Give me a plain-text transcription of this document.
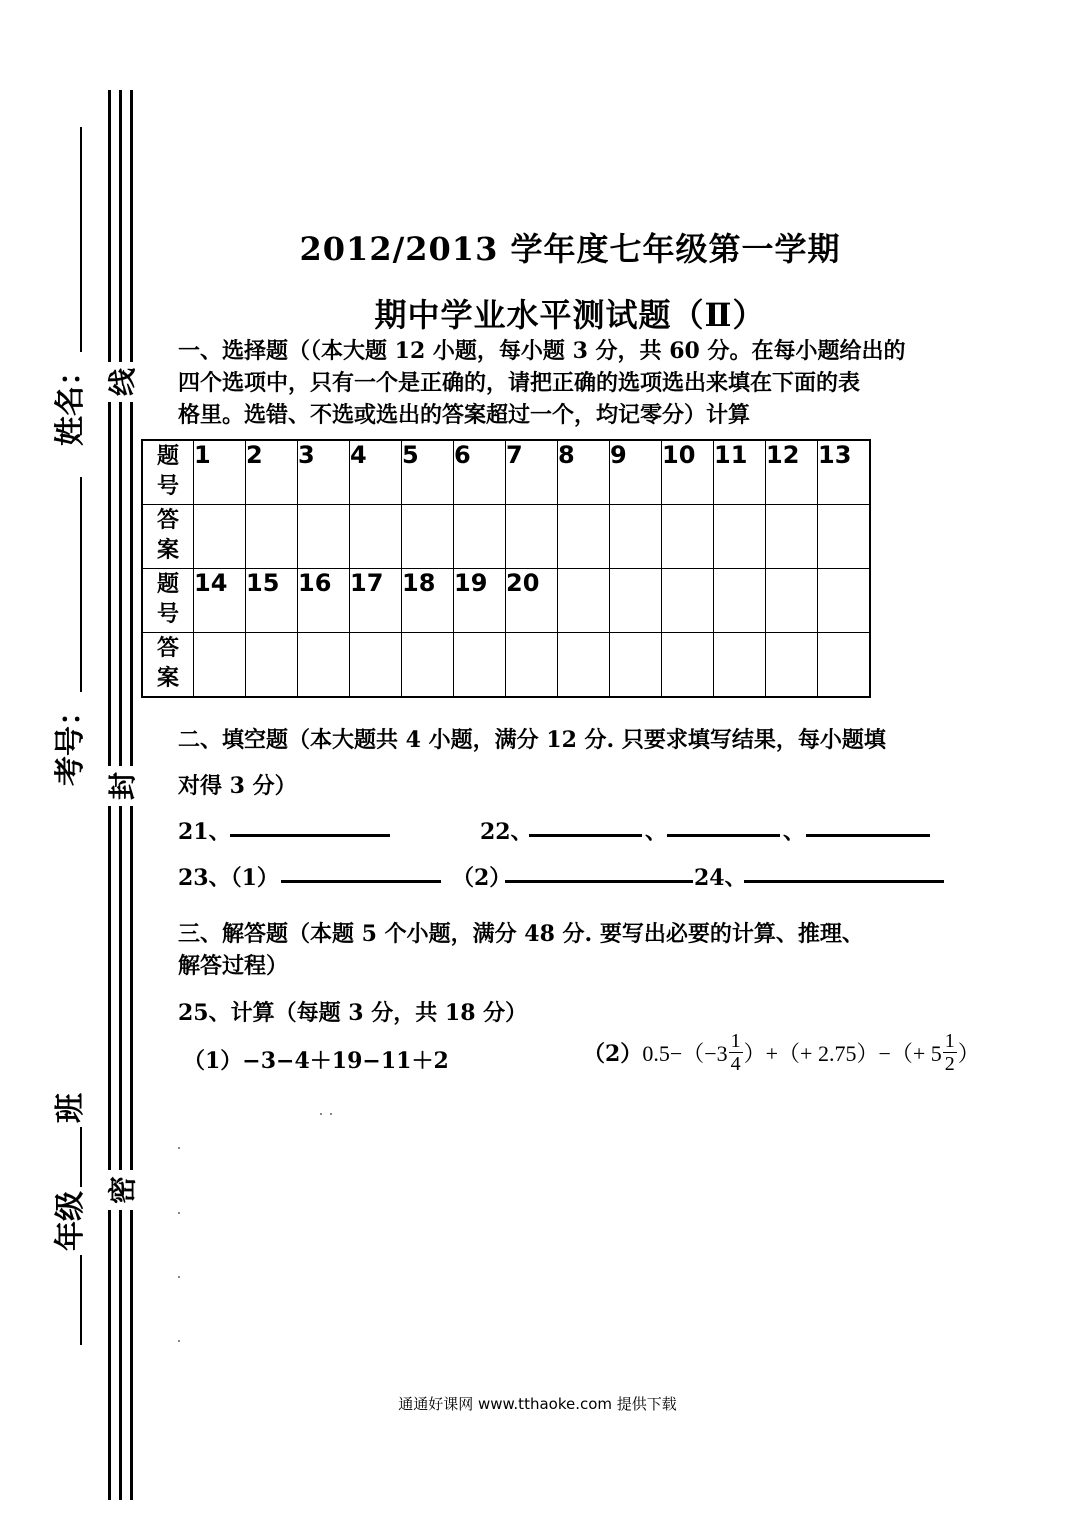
线
封
密
姓名：
考号：
年级
班
2012/2013 学年度七年级第一学期
期中学业水平测试题（Ⅱ）
一、选择题（（本大题 12 小题，每小题 3 分，共 60 分。在每小题给出的
四个选项中，只有一个是正确的，请把正确的选项选出来填在下面的表
格里。选错、不选或选出的答案超过一个，均记零分）计算
题
号	1	2	3	4	5	6	7	8	9	10	11	12	13

答
案													

题
号	14	15	16	17	18	19	20						

答
案													

二、填空题（本大题共 4 小题，满分 12 分. 只要求填写结果，每小题填
对得 3 分）
21、	22、	、	、
23、（1）	（2）	24、
三、解答题（本题 5 个小题，满分 48 分. 要写出必要的计算、推理、
解答过程）
25、计算（每题 3 分，共 18 分）
（1）−3−4＋19−11＋2	（2） $0.5-(-3 \frac{1}{4}$ ）+（+ $2.75)-(+ 5 \frac{1}{2}$ ）
通通好课网 www.tthaoke.com 提供下载
